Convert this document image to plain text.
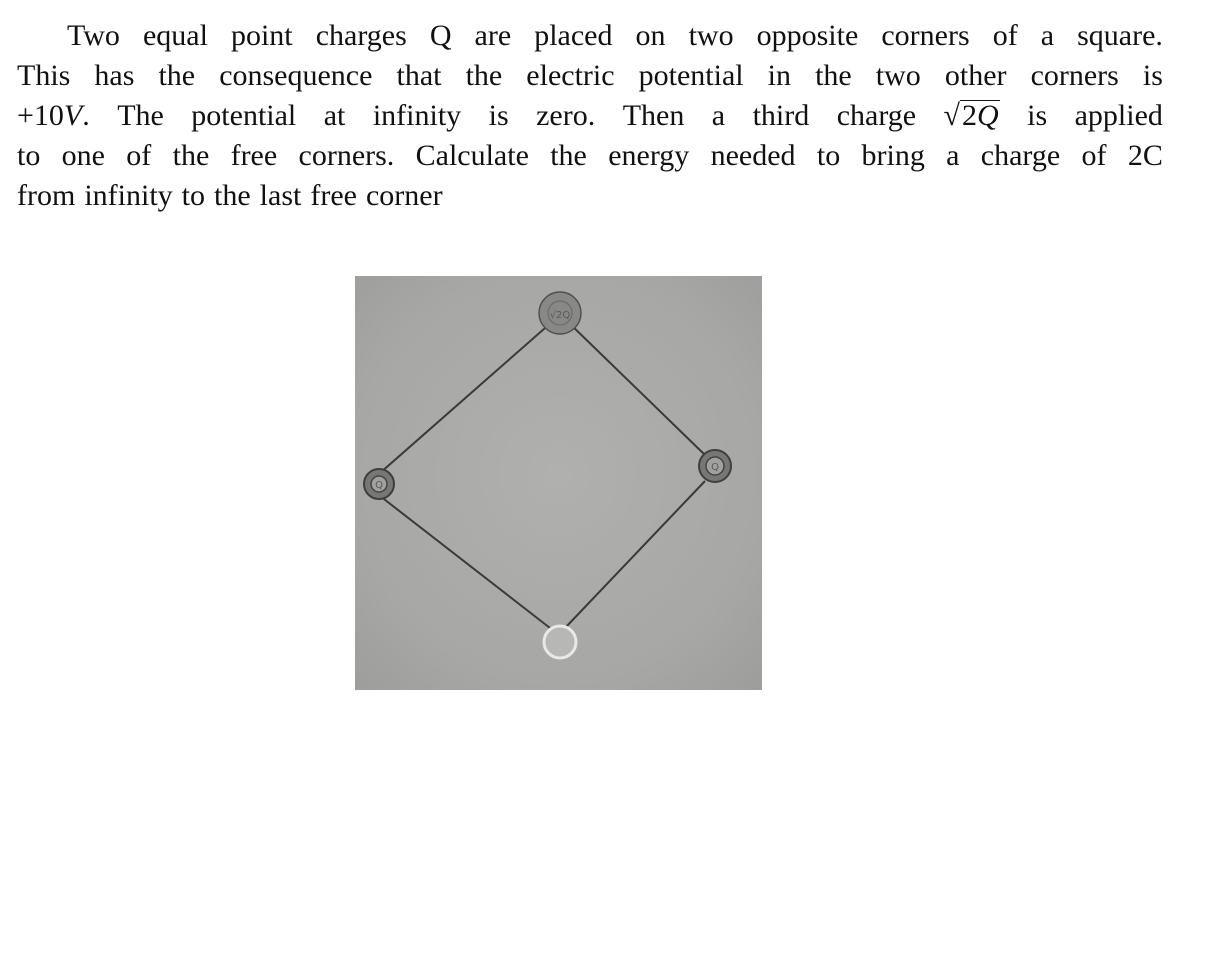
Two equal point charges Q are placed on two opposite corners of a square.
This has the consequence that the electric potential in the two other corners is
+10V. The potential at infinity is zero. Then a third charge √2Q is applied
to one of the free corners. Calculate the energy needed to bring a charge of 2C
from infinity to the last free corner
√2Q
Q
Q
